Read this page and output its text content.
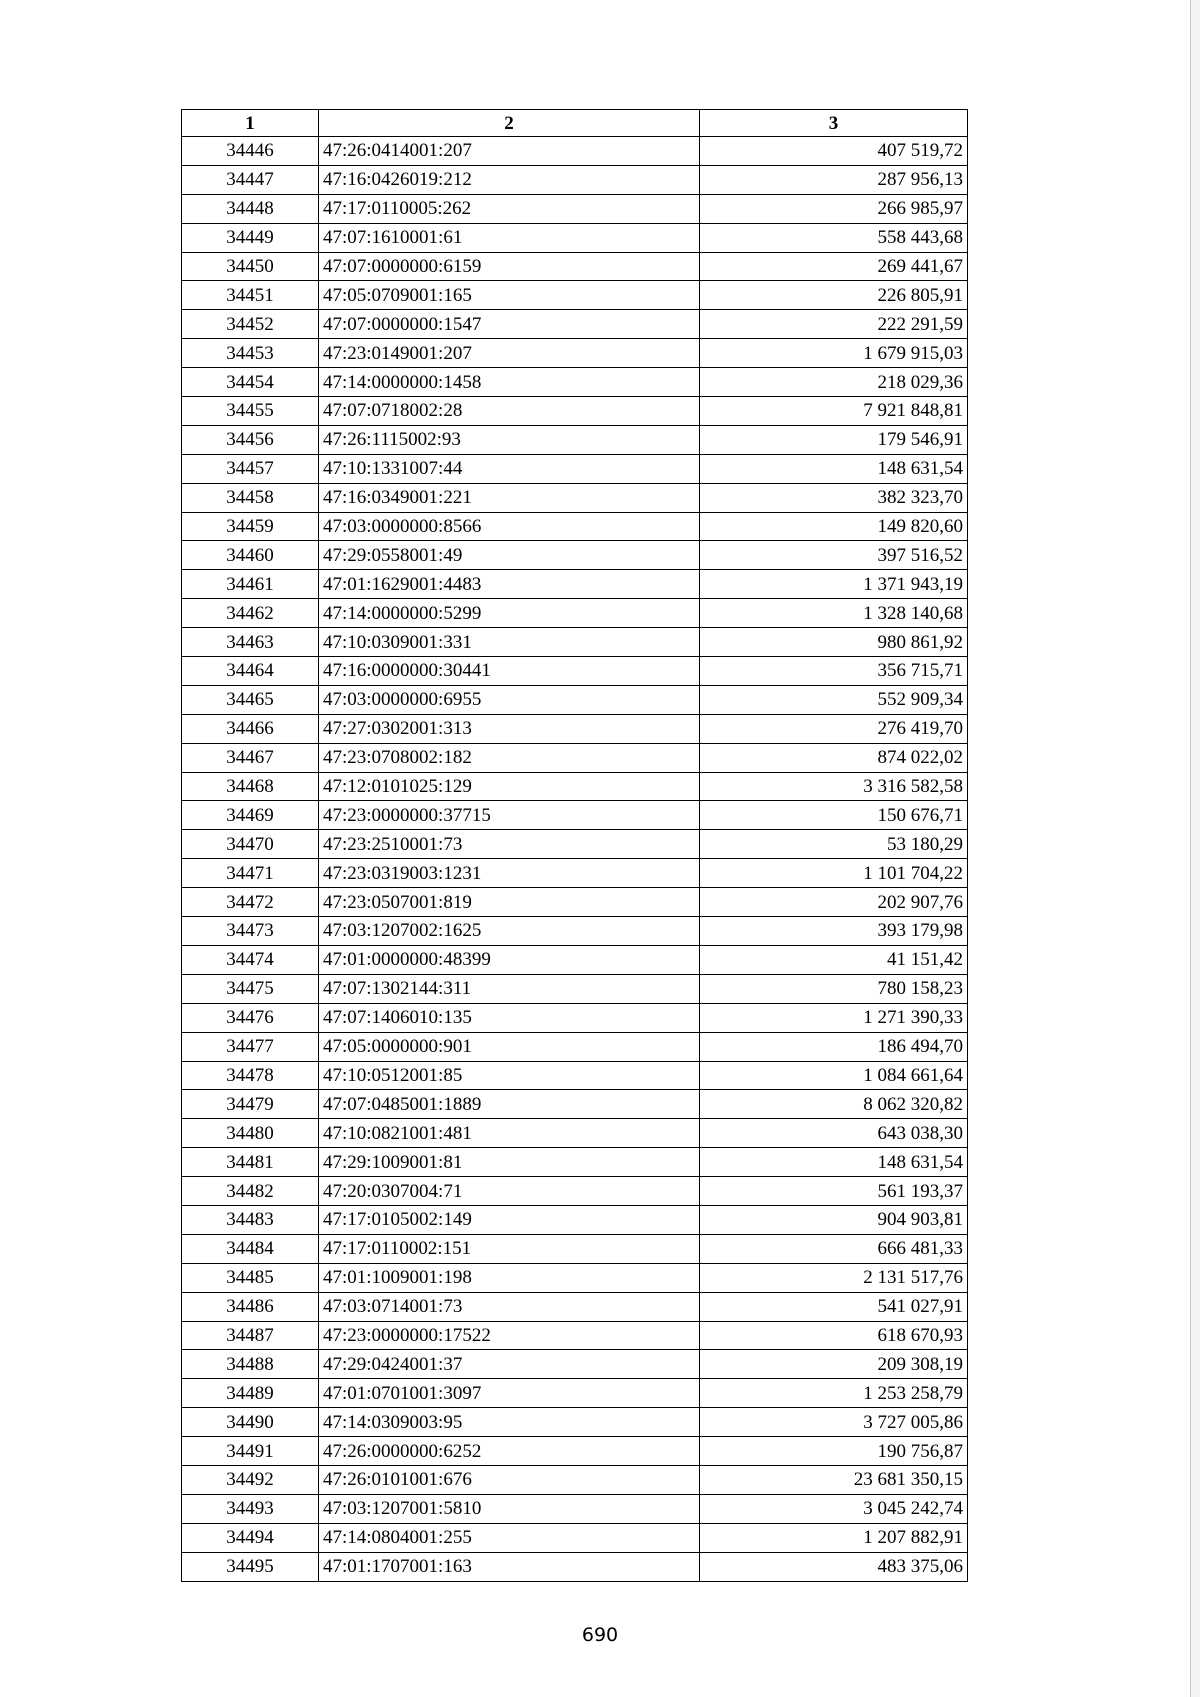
1	2	3
34446	47:26:0414001:207	407 519,72
34447	47:16:0426019:212	287 956,13
34448	47:17:0110005:262	266 985,97
34449	47:07:1610001:61	558 443,68
34450	47:07:0000000:6159	269 441,67
34451	47:05:0709001:165	226 805,91
34452	47:07:0000000:1547	222 291,59
34453	47:23:0149001:207	1 679 915,03
34454	47:14:0000000:1458	218 029,36
34455	47:07:0718002:28	7 921 848,81
34456	47:26:1115002:93	179 546,91
34457	47:10:1331007:44	148 631,54
34458	47:16:0349001:221	382 323,70
34459	47:03:0000000:8566	149 820,60
34460	47:29:0558001:49	397 516,52
34461	47:01:1629001:4483	1 371 943,19
34462	47:14:0000000:5299	1 328 140,68
34463	47:10:0309001:331	980 861,92
34464	47:16:0000000:30441	356 715,71
34465	47:03:0000000:6955	552 909,34
34466	47:27:0302001:313	276 419,70
34467	47:23:0708002:182	874 022,02
34468	47:12:0101025:129	3 316 582,58
34469	47:23:0000000:37715	150 676,71
34470	47:23:2510001:73	53 180,29
34471	47:23:0319003:1231	1 101 704,22
34472	47:23:0507001:819	202 907,76
34473	47:03:1207002:1625	393 179,98
34474	47:01:0000000:48399	41 151,42
34475	47:07:1302144:311	780 158,23
34476	47:07:1406010:135	1 271 390,33
34477	47:05:0000000:901	186 494,70
34478	47:10:0512001:85	1 084 661,64
34479	47:07:0485001:1889	8 062 320,82
34480	47:10:0821001:481	643 038,30
34481	47:29:1009001:81	148 631,54
34482	47:20:0307004:71	561 193,37
34483	47:17:0105002:149	904 903,81
34484	47:17:0110002:151	666 481,33
34485	47:01:1009001:198	2 131 517,76
34486	47:03:0714001:73	541 027,91
34487	47:23:0000000:17522	618 670,93
34488	47:29:0424001:37	209 308,19
34489	47:01:0701001:3097	1 253 258,79
34490	47:14:0309003:95	3 727 005,86
34491	47:26:0000000:6252	190 756,87
34492	47:26:0101001:676	23 681 350,15
34493	47:03:1207001:5810	3 045 242,74
34494	47:14:0804001:255	1 207 882,91
34495	47:01:1707001:163	483 375,06
690
